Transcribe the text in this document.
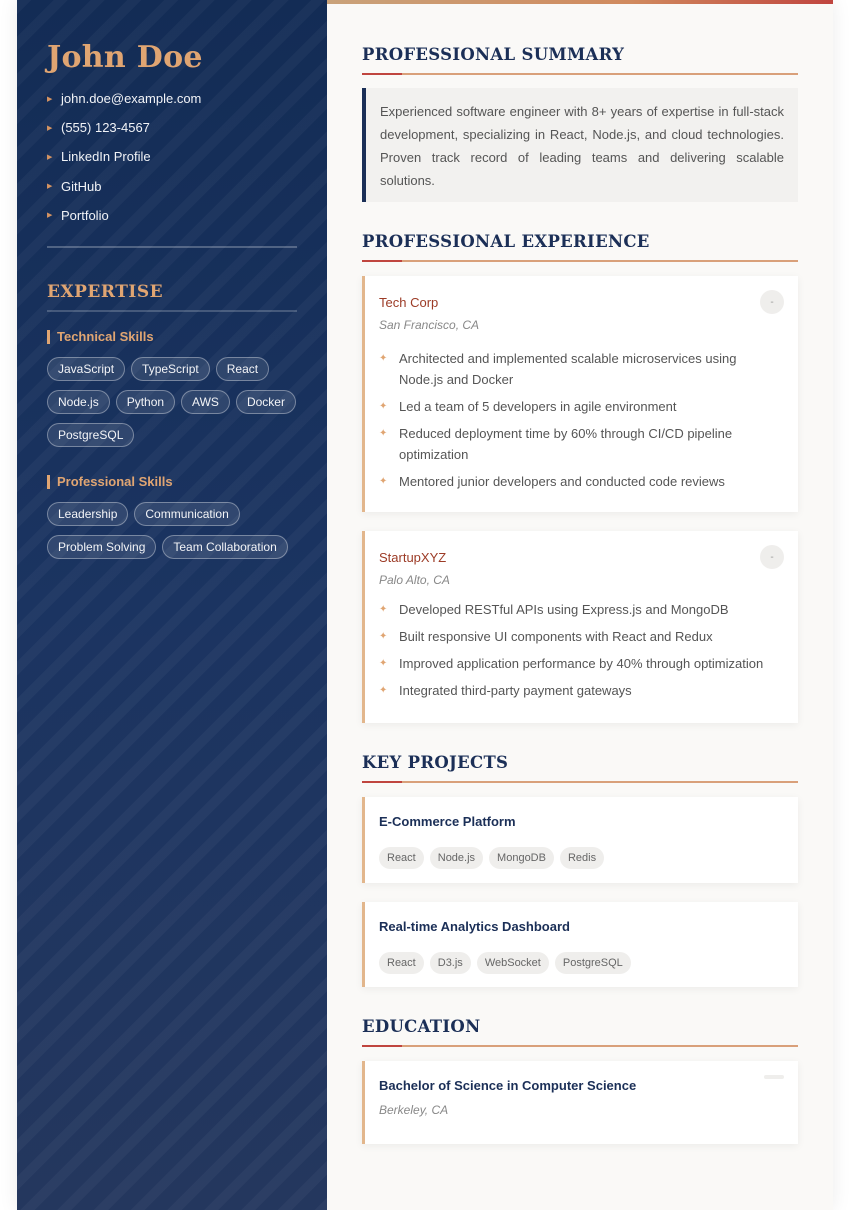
John Doe
▶ john.doe@example.com
▶ (555) 123-4567
▶ LinkedIn Profile
▶ GitHub
▶ Portfolio
EXPERTISE
Technical Skills
JavaScript	TypeScript	React
Node.js	Python	AWS	Docker
PostgreSQL
Professional Skills
Leadership	Communication
Problem Solving	Team Collaboration
PROFESSIONAL SUMMARY
Experienced software engineer with 8+ years of expertise in full-stack development, specializing in React, Node.js, and cloud technologies. Proven track record of leading teams and delivering scalable solutions.
PROFESSIONAL EXPERIENCE
Tech Corp
San Francisco, CA
-
✦ Architected and implemented scalable microservices using Node.js and Docker
✦ Led a team of 5 developers in agile environment
✦ Reduced deployment time by 60% through CI/CD pipeline optimization
✦ Mentored junior developers and conducted code reviews
StartupXYZ
Palo Alto, CA
-
✦ Developed RESTful APIs using Express.js and MongoDB
✦ Built responsive UI components with React and Redux
✦ Improved application performance by 40% through optimization
✦ Integrated third-party payment gateways
KEY PROJECTS
E-Commerce Platform
React	Node.js	MongoDB	Redis
Real-time Analytics Dashboard
React	D3.js	WebSocket	PostgreSQL
EDUCATION
Bachelor of Science in Computer Science
Berkeley, CA
